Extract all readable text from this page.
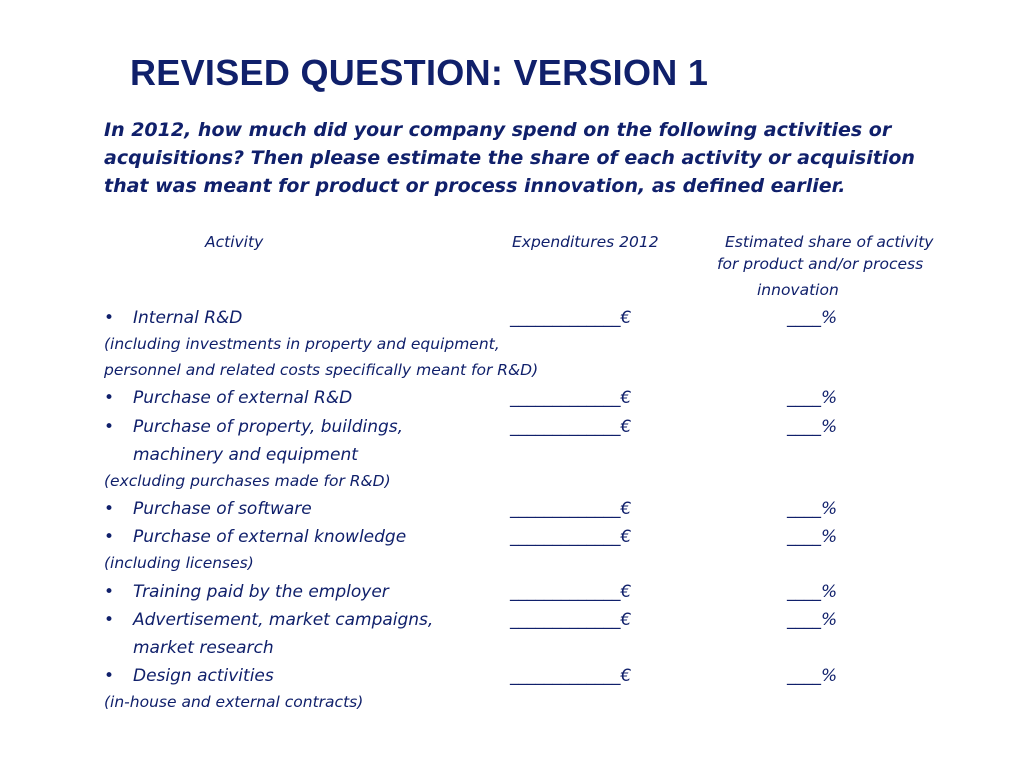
REVISED QUESTION: VERSION 1
In 2012, how much did your company spend on the following activities or acquisitions? Then please estimate the share of each activity or acquisition that was meant for product or process innovation, as defined earlier.
Activity	Expenditures 2012	Estimated share of activity
for product and/or process
innovation
• Internal R&D	_____________€	____%
(including investments in property and equipment,
personnel and related costs specifically meant for R&D)
• Purchase of external R&D	_____________€	____%
• Purchase of property, buildings,	_____________€	____%
machinery and equipment
(excluding purchases made for R&D)
• Purchase of software	_____________€	____%
• Purchase of external knowledge	_____________€	____%
(including licenses)
• Training paid by the employer	_____________€	____%
• Advertisement, market campaigns,	_____________€	____%
market research
• Design activities	_____________€	____%
(in-house and external contracts)
